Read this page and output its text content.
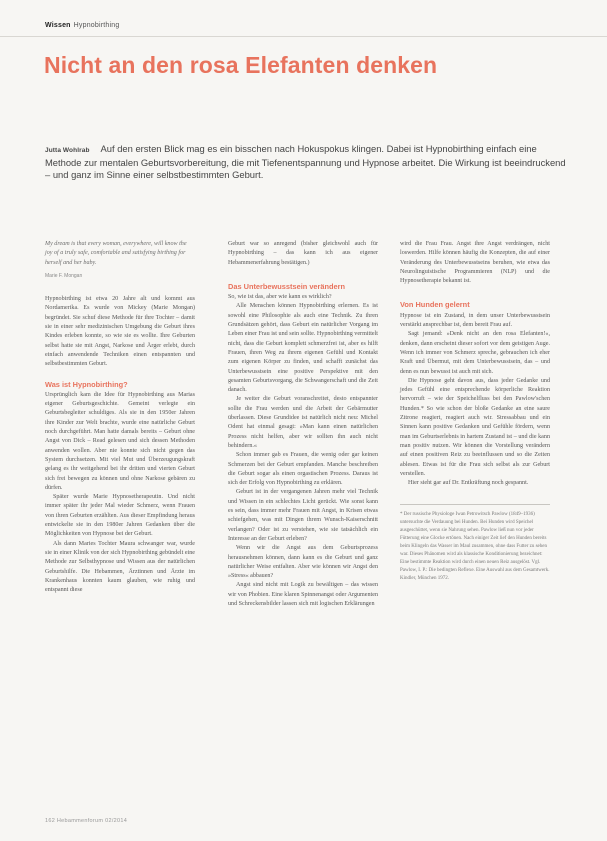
Wissen Hypnobirthing
Nicht an den rosa Elefanten denken

Jutta Wohlrab Auf den ersten Blick mag es ein bisschen nach Hokuspokus klingen. Dabei ist Hypnobirthing einfach eine Methode zur mentalen Geburtsvorbereitung, die mit Tiefenentspannung und Hypnose arbeitet. Die Wirkung ist beeindruckend – und ganz im Sinne einer selbstbestimmten Geburt.

My dream is that every woman, everywhere, will know the joy of a truly safe, comfortable and satisfying birthing for herself and her baby.

Marie F. Mongan

Hypnobirthing ist etwa 20 Jahre alt und kommt aus Nordamerika. Es wurde von Mickey (Marie Mongan) begründet. Sie schuf diese Methode für ihre Tochter – damit sie in einer sehr medizinischen Umgebung die Geburt ihres Kindes erleben konnte, so wie sie es wollte. Ihre Geburten selbst hatte sie mit Angst, Narkose und Ärger erlebt, durch einfach anwendende Techniken einen entspannten und selbstbestimmten Geburt.

Was ist Hypnobirthing?

Ursprünglich kam die Idee für Hypnobirthing aus Marias eigener Geburtsgeschichte. Gemeint verlegte ein Geburtsbegleiter schuldiges. Als sie in den 1950er Jahren ihre Kinder zur Welt brachte, wurde eine natürliche Geburt noch durchgeführt. Man hatte damals bereits – Geburt ohne Angst von Dick – Read gelesen und sich dessen Methoden anwenden wollen. Aber nie konnte sich nicht gegen das System durchsetzen. Mit viel Mut und Überzeugungskraft gelang es ihr weitgehend bei ihr dritten und vierten Geburt sich frei bewegen zu können und ohne Narkose gebären zu dürfen.

Später wurde Marie Hypnosetherapeutin. Und nicht immer später ihr jeder Mal wieder Schmerz, wenn Frauen von ihren Geburten erzählten. Aus dieser Empfindung heraus entwickelte sie in den 1980er Jahren Gedanken über die Möglichkeiten von Hypnose bei der Geburt.

Als dann Maries Tochter Maura schwanger war, wurde sie in einer Klinik von der sich Hypnobirthing gebündelt eine Methode zur Selbsthypnose und Wissen aus der natürlichen Geburtshilfe. Die Hebammen, Ärztinnen und Ärzte im Krankenhaus konnten kaum glauben, wie ruhig und entspannt diese

Geburt war so anregend (bisher gleichwohl auch für Hypnobirthing – das kann ich aus eigener Hebammenerfahrung bestätigen.)

Das Unterbewusstsein verändern

So, wie ist das, aber wie kann es wirklich?

Alle Menschen können Hypnobirthing erlernen. Es ist sowohl eine Philosophie als auch eine Technik. Zu ihren Grundsätzen gehört, dass Geburt ein natürlicher Vorgang im Leben einer Frau ist und sein sollte. Hypnobirthing vermittelt nicht, dass die Geburt komplett schmerzfrei ist, aber es hilft Frauen, ihren Weg zu ihrem eigenen Gefühl und Kontakt zum eigenen Körper zu finden, und schafft zunächst das Unterbewusstsein eine positive Perspektive mit den gesamten Geburtsvorgang, die Schwangerschaft und die Zeit danach.

Je weiter die Geburt voranschreitet, desto entspannter sollte die Frau werden und die Arbeit der Gebärmutter überlassen. Diese Grundidee ist natürlich nicht neu: Michel Odent hat einmal gesagt: »Man kann einen natürlichen Prozess nicht helfen, aber wir sollten ihn auch nicht behindern.«

Schon immer gab es Frauen, die wenig oder gar keinen Schmerzen bei der Geburt empfanden. Manche beschreiben die Geburt sogar als einen orgastischen Prozess. Daraus ist sich der Erfolg von Hypnobirthing zu erklären.

Geburt ist in der vergangenen Jahren mehr viel Technik und Wissen in ein schlechtes Licht gerückt. Wie sonst kann es sein, dass immer mehr Frauen mit Angst, in Krisen etwas schiefgehen, was mit Dingen ihrem Wunsch-Kaiserschnitt verlangen? Oder ist zu verstehen, wie sie tatsächlich ein Interesse an der Geburt erleben?

Wenn wir die Angst aus dem Geburtsprozess herausnehmen können, dann kann es die Geburt und ganz natürlicher Weise entfalten. Aber wie können wir Angst den »Stress« abbauen?

Angst sind nicht mit Logik zu bewältigen – das wissen wir von Phobien. Eine klaren Spinnenangst oder Argumenten und Schreckensbilder lassen sich mit logischen Erklärungen

wird die Frau Frau. Angst ihre Angst verdrängen, nicht loswerden. Hilfe können häufig die Konzepten, die auf einer Veränderung des Unterbewusstseins beruhen, wie etwa das Neurolinguistische Programmieren (NLP) und die Hypnosetherapie bekannt ist.

Von Hunden gelernt

Hypnose ist ein Zustand, in dem unser Unterbewusstsein verstärkt ansprechbar ist, dem bereit Frau auf.

Sagt jemand: »Denk nicht an den rosa Elefanten!«, denken, dann erscheint dieser sofort vor dem geistigen Auge. Wenn ich immer von Schmerz spreche, gebrauchen ich eher Kraft und Übermut, mit dem Unterbewusstsein, das – und denn es nun bewusst ist auch mit sich.

Die Hypnose geht davon aus, dass jeder Gedanke und jedes Gefühl eine entsprechende körperliche Reaktion hervorruft – wie der Speichelfluss bei den Pawlow'schen Hunden.* So wie schon der bloße Gedanke an eine saure Zitrone reagiert, reagiert auch wir. Stressabbau und ein Sinnen kann positive Gedanken und Gefühle fördern, wenn man im Geburtserlebnis in hartem Zustand ist – und die kann man positiv nutzen. Wir können die Vorstellung verändern auf einen positiven Reiz zu beeinflussen und so die Zeiten ablesen. Etwas ist für die Frau sich selbst als zur Geburt verstellen.

Hier sieht gar auf Dr. Entkräftung noch gespannt.

* Der russische Physiologe Iwan Petrowitsch Pawlow (1849–1936) untersuchte die Verdauung bei Hunden. Bei Hunden wird Speichel ausgeschüttet, wenn sie Nahrung sehen. Pawlow ließ nun vor jeder Fütterung eine Glocke ertönen. Nach einiger Zeit lief den Hunden bereits beim Klingeln das Wasser im Maul zusammen, ohne dass Futter zu sehen war. Dieses Phänomen wird als klassische Konditionierung bezeichnet: Eine bestimmte Reaktion wird durch einen neuen Reiz ausgelöst. Vgl. Pawlow, I. P.: Die bedingten Reflexe. Eine Auswahl aus dem Gesamtwerk. Kindler, München 1972.

162 Hebammenforum 02/2014
